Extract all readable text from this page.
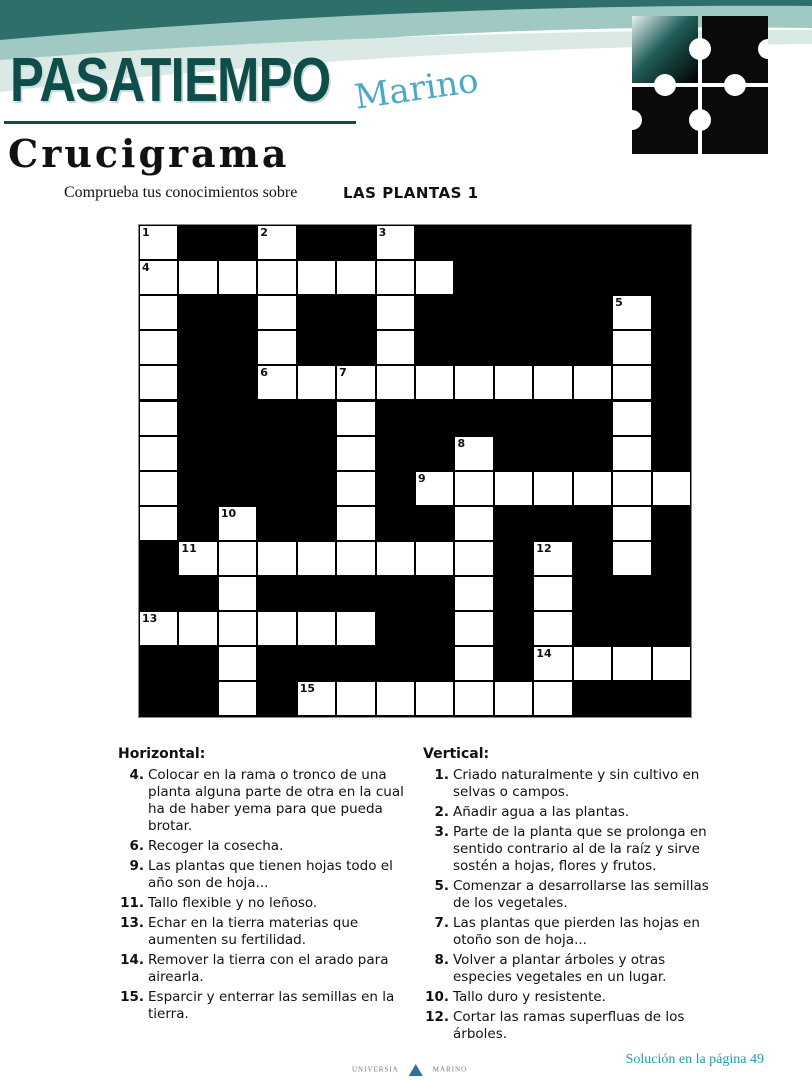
PASATIEMPO Marino
Crucigrama
Comprueba tus conocimientos sobre	LAS PLANTAS 1
1	2	3
4
5
6	7
8
9
10
11	12
13
14
15
Horizontal:
4. Colocar en la rama o tronco de una planta alguna parte de otra en la cual ha de haber yema para que pueda brotar.
6. Recoger la cosecha.
9. Las plantas que tienen hojas todo el año son de hoja...
11. Tallo flexible y no leñoso.
13. Echar en la tierra materias que aumenten su fertilidad.
14. Remover la tierra con el arado para airearla.
15. Esparcir y enterrar las semillas en la tierra.
Vertical:
1. Criado naturalmente y sin cultivo en selvas o campos.
2. Añadir agua a las plantas.
3. Parte de la planta que se prolonga en sentido contrario al de la raíz y sirve sostén a hojas, flores y frutos.
5. Comenzar a desarrollarse las semillas de los vegetales.
7. Las plantas que pierden las hojas en otoño son de hoja...
8. Volver a plantar árboles y otras especies vegetales en un lugar.
10. Tallo duro y resistente.
12. Cortar las ramas superfluas de los árboles.
Solución en la página 49
UNIVERSIA	MARINO
